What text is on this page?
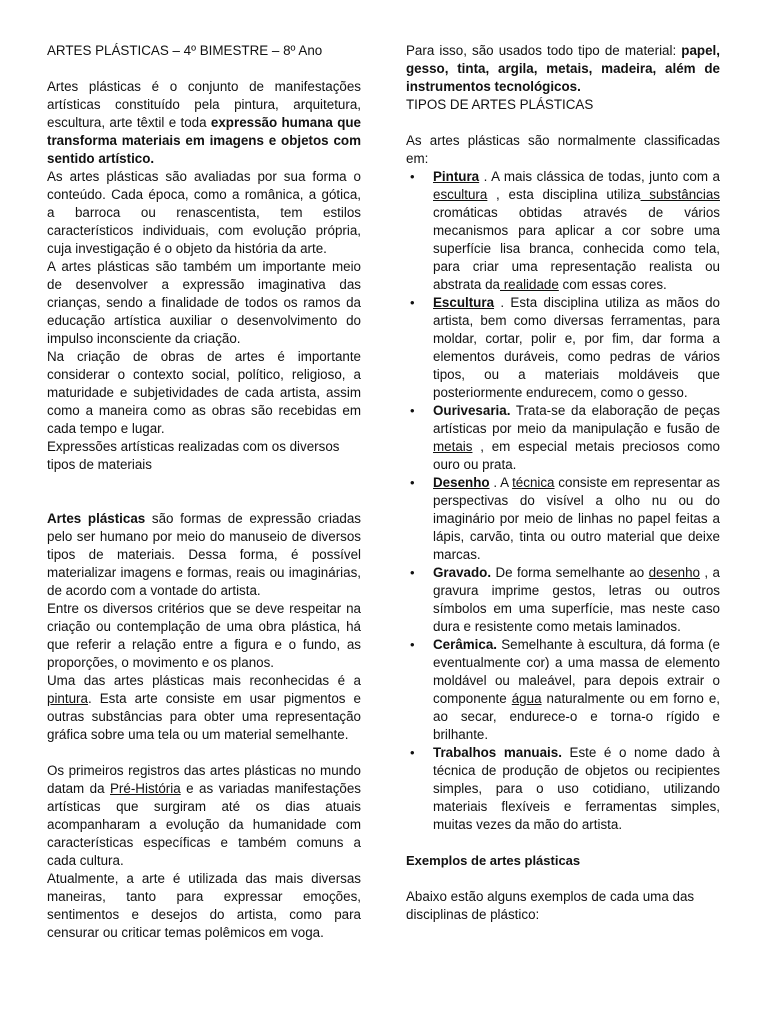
ARTES PLÁSTICAS – 4º BIMESTRE – 8º Ano

Artes plásticas é o conjunto de manifestações artísticas constituído pela pintura, arquitetura, escultura, arte têxtil e toda expressão humana que transforma materiais em imagens e objetos com sentido artístico.

As artes plásticas são avaliadas por sua forma o conteúdo. Cada época, como a românica, a gótica, a barroca ou renascentista, tem estilos característicos individuais, com evolução própria, cuja investigação é o objeto da história da arte.

A artes plásticas são também um importante meio de desenvolver a expressão imaginativa das crianças, sendo a finalidade de todos os ramos da educação artística auxiliar o desenvolvimento do impulso inconsciente da criação.

Na criação de obras de artes é importante considerar o contexto social, político, religioso, a maturidade e subjetividades de cada artista, assim como a maneira como as obras são recebidas em cada tempo e lugar.

Expressões artísticas realizadas com os diversos tipos de materiais

Artes plásticas são formas de expressão criadas pelo ser humano por meio do manuseio de diversos tipos de materiais. Dessa forma, é possível materializar imagens e formas, reais ou imaginárias, de acordo com a vontade do artista.

Entre os diversos critérios que se deve respeitar na criação ou contemplação de uma obra plástica, há que referir a relação entre a figura e o fundo, as proporções, o movimento e os planos.

Uma das artes plásticas mais reconhecidas é a pintura. Esta arte consiste em usar pigmentos e outras substâncias para obter uma representação gráfica sobre uma tela ou um material semelhante.

Os primeiros registros das artes plásticas no mundo datam da Pré-História e as variadas manifestações artísticas que surgiram até os dias atuais acompanharam a evolução da humanidade com características específicas e também comuns a cada cultura.

Atualmente, a arte é utilizada das mais diversas maneiras, tanto para expressar emoções, sentimentos e desejos do artista, como para censurar ou criticar temas polêmicos em voga.

Para isso, são usados todo tipo de material: papel, gesso, tinta, argila, metais, madeira, além de instrumentos tecnológicos.

TIPOS DE ARTES PLÁSTICAS

As artes plásticas são normalmente classificadas em:

• Pintura . A mais clássica de todas, junto com a escultura , esta disciplina utiliza substâncias cromáticas obtidas através de vários mecanismos para aplicar a cor sobre uma superfície lisa branca, conhecida como tela, para criar uma representação realista ou abstrata da realidade com essas cores.
• Escultura . Esta disciplina utiliza as mãos do artista, bem como diversas ferramentas, para moldar, cortar, polir e, por fim, dar forma a elementos duráveis, como pedras de vários tipos, ou a materiais moldáveis que posteriormente endurecem, como o gesso.
• Ourivesaria. Trata-se da elaboração de peças artísticas por meio da manipulação e fusão de metais , em especial metais preciosos como ouro ou prata.
• Desenho . A técnica consiste em representar as perspectivas do visível a olho nu ou do imaginário por meio de linhas no papel feitas a lápis, carvão, tinta ou outro material que deixe marcas.
• Gravado. De forma semelhante ao desenho , a gravura imprime gestos, letras ou outros símbolos em uma superfície, mas neste caso dura e resistente como metais laminados.
• Cerâmica. Semelhante à escultura, dá forma (e eventualmente cor) a uma massa de elemento moldável ou maleável, para depois extrair o componente água naturalmente ou em forno e, ao secar, endurece-o e torna-o rígido e brilhante.
• Trabalhos manuais. Este é o nome dado à técnica de produção de objetos ou recipientes simples, para o uso cotidiano, utilizando materiais flexíveis e ferramentas simples, muitas vezes da mão do artista.

Exemplos de artes plásticas

Abaixo estão alguns exemplos de cada uma das disciplinas de plástico:
